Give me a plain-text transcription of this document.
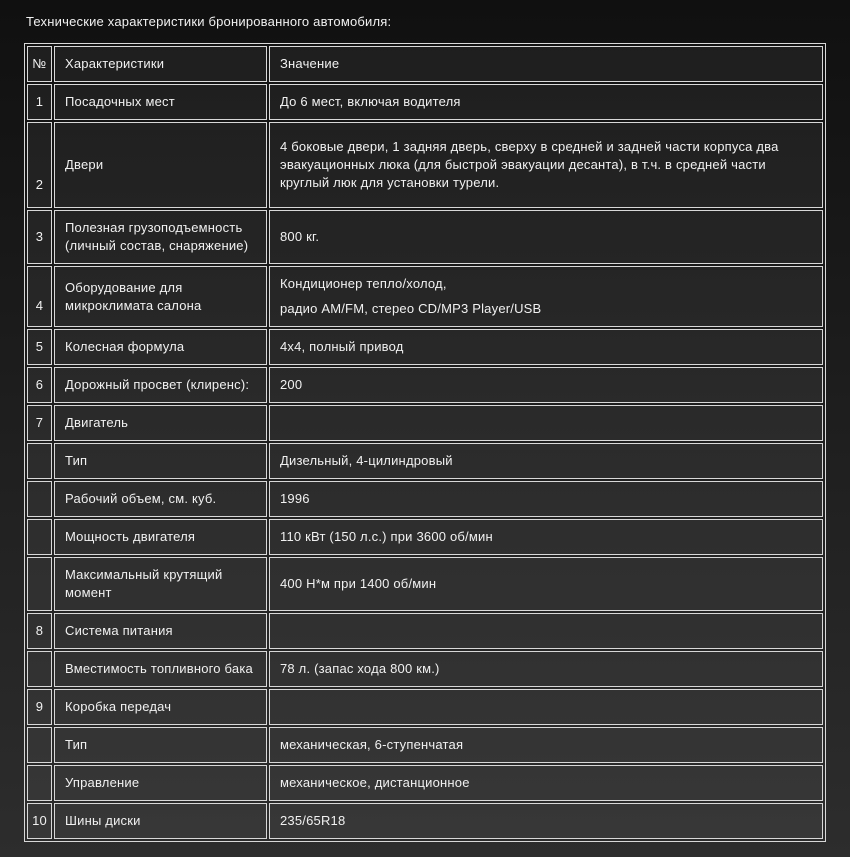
Технические характеристики бронированного автомобиля:
№	Характеристики	Значение
1	Посадочных мест	До 6 мест, включая водителя

2	Двери	4 боковые двери, 1 задняя дверь, сверху в средней и задней части корпуса два эвакуационных люка (для быстрой эвакуации десанта), в т.ч. в средней части круглый люк для установки турели.

3	Полезная грузоподъемность (личный состав, снаряжение)	800 кг.

4	Оборудование для микроклимата салона	Кондиционер тепло/холод,

радио AM/FM, стерео CD/MP3 Player/USB

5	Колесная формула	4х4, полный привод

6	Дорожный просвет (клиренс):	200

7	Двигатель	
	Тип	Дизельный, 4-цилиндровый

	Рабочий объем, см. куб.	1996

	Мощность двигателя	110 кВт (150 л.с.) при 3600 об/мин

	Максимальный крутящий момент	400 Н*м при 1400 об/мин

8	Система питания	
	Вместимость топливного бака	78 л. (запас хода 800 км.)

9	Коробка передач	
	Тип	механическая, 6-ступенчатая

	Управление	механическое, дистанционное

10	Шины диски	235/65R18
